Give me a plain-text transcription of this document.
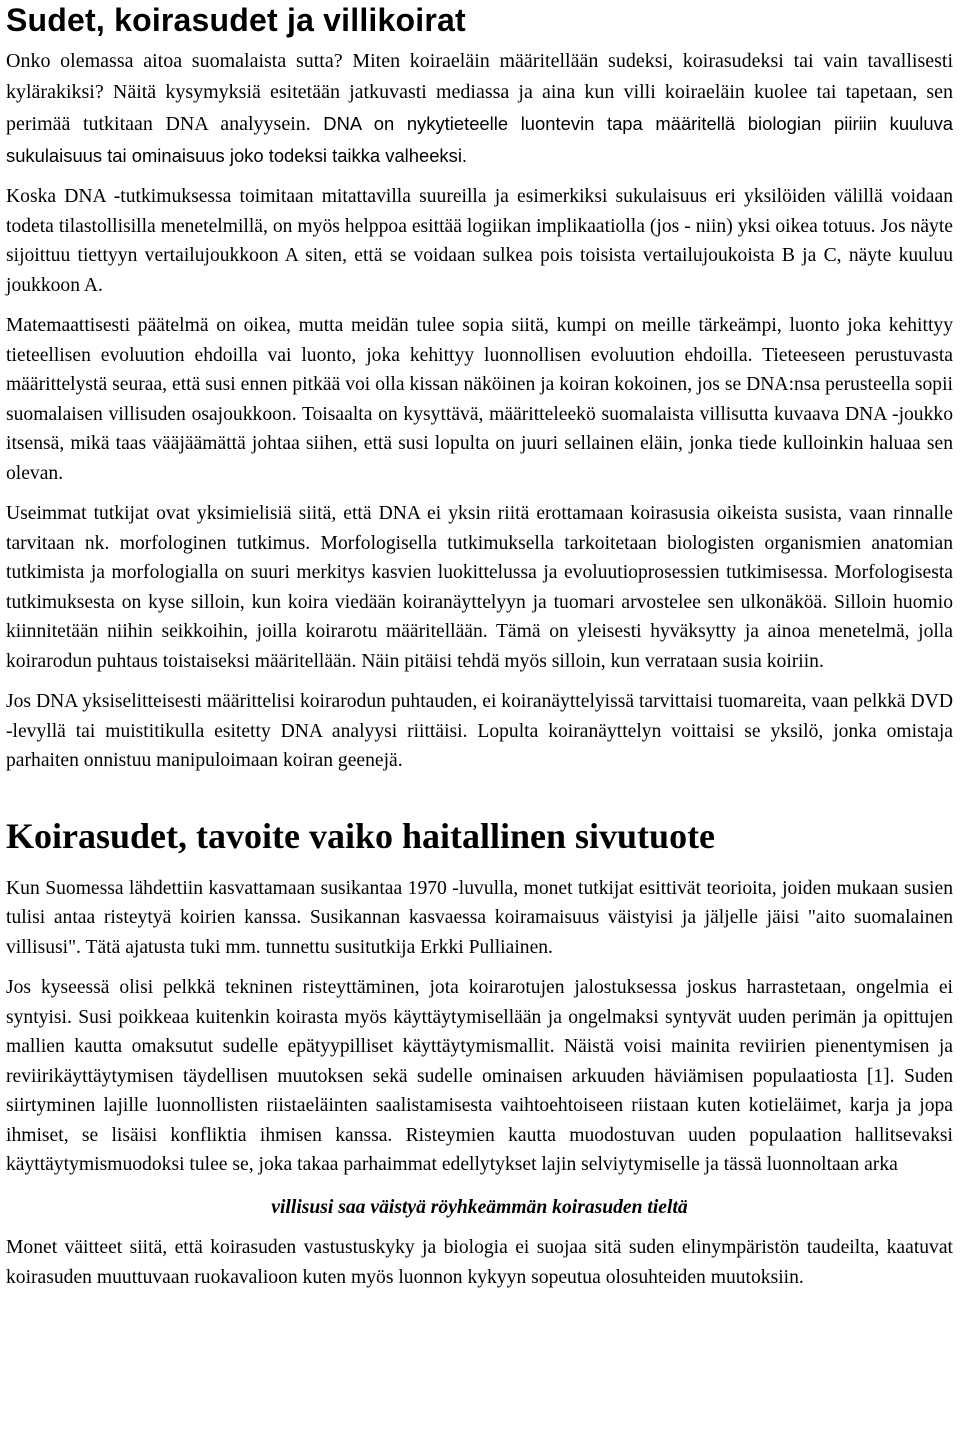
Sudet, koirasudet ja villikoirat

Onko olemassa aitoa suomalaista sutta? Miten koiraeläin määritellään sudeksi, koirasudeksi tai vain tavallisesti kylärakiksi? Näitä kysymyksiä esitetään jatkuvasti mediassa ja aina kun villi koiraeläin kuolee tai tapetaan, sen perimää tutkitaan DNA analyysein. DNA on nykytieteelle luontevin tapa määritellä biologian piiriin kuuluva sukulaisuus tai ominaisuus joko todeksi taikka valheeksi.

Koska DNA -tutkimuksessa toimitaan mitattavilla suureilla ja esimerkiksi sukulaisuus eri yksilöiden välillä voidaan todeta tilastollisilla menetelmillä, on myös helppoa esittää logiikan implikaatiolla (jos - niin) yksi oikea totuus. Jos näyte sijoittuu tiettyyn vertailujoukkoon A siten, että se voidaan sulkea pois toisista vertailujoukoista B ja C, näyte kuuluu joukkoon A.

Matemaattisesti päätelmä on oikea, mutta meidän tulee sopia siitä, kumpi on meille tärkeämpi, luonto joka kehittyy tieteellisen evoluution ehdoilla vai luonto, joka kehittyy luonnollisen evoluution ehdoilla. Tieteeseen perustuvasta määrittelystä seuraa, että susi ennen pitkää voi olla kissan näköinen ja koiran kokoinen, jos se DNA:nsa perusteella sopii suomalaisen villisuden osajoukkoon. Toisaalta on kysyttävä, määritteleekö suomalaista villisutta kuvaava DNA -joukko itsensä, mikä taas vääjäämättä johtaa siihen, että susi lopulta on juuri sellainen eläin, jonka tiede kulloinkin haluaa sen olevan.

Useimmat tutkijat ovat yksimielisiä siitä, että DNA ei yksin riitä erottamaan koirasusia oikeista susista, vaan rinnalle tarvitaan nk. morfologinen tutkimus. Morfologisella tutkimuksella tarkoitetaan biologisten organismien anatomian tutkimista ja morfologialla on suuri merkitys kasvien luokittelussa ja evoluutioprosessien tutkimisessa. Morfologisesta tutkimuksesta on kyse silloin, kun koira viedään koiranäyttelyyn ja tuomari arvostelee sen ulkonäköä. Silloin huomio kiinnitetään niihin seikkoihin, joilla koirarotu määritellään. Tämä on yleisesti hyväksytty ja ainoa menetelmä, jolla koirarodun puhtaus toistaiseksi määritellään. Näin pitäisi tehdä myös silloin, kun verrataan susia koiriin.

Jos DNA yksiselitteisesti määrittelisi koirarodun puhtauden, ei koiranäyttelyissä tarvittaisi tuomareita, vaan pelkkä DVD -levyllä tai muistitikulla esitetty DNA analyysi riittäisi. Lopulta koiranäyttelyn voittaisi se yksilö, jonka omistaja parhaiten onnistuu manipuloimaan koiran geenejä.

Koirasudet, tavoite vaiko haitallinen sivutuote

Kun Suomessa lähdettiin kasvattamaan susikantaa 1970 -luvulla, monet tutkijat esittivät teorioita, joiden mukaan susien tulisi antaa risteytyä koirien kanssa. Susikannan kasvaessa koiramaisuus väistyisi ja jäljelle jäisi "aito suomalainen villisusi". Tätä ajatusta tuki mm. tunnettu susitutkija Erkki Pulliainen.

Jos kyseessä olisi pelkkä tekninen risteyttäminen, jota koirarotujen jalostuksessa joskus harrastetaan, ongelmia ei syntyisi. Susi poikkeaa kuitenkin koirasta myös käyttäytymisellään ja ongelmaksi syntyvät uuden perimän ja opittujen mallien kautta omaksutut sudelle epätyypilliset käyttäytymismallit. Näistä voisi mainita reviirien pienentymisen ja reviirikäyttäytymisen täydellisen muutoksen sekä sudelle ominaisen arkuuden häviämisen populaatiosta [1]. Suden siirtyminen lajille luonnollisten riistaeläinten saalistamisesta vaihtoehtoiseen riistaan kuten kotieläimet, karja ja jopa ihmiset, se lisäisi konfliktia ihmisen kanssa. Risteymien kautta muodostuvan uuden populaation hallitsevaksi käyttäytymismuodoksi tulee se, joka takaa parhaimmat edellytykset lajin selviytymiselle ja tässä luonnoltaan arka

villisusi saa väistyä röyhkeämmän koirasuden tieltä

Monet väitteet siitä, että koirasuden vastustuskyky ja biologia ei suojaa sitä suden elinympäristön taudeilta, kaatuvat koirasuden muuttuvaan ruokavalioon kuten myös luonnon kykyyn sopeutua olosuhteiden muutoksiin.
